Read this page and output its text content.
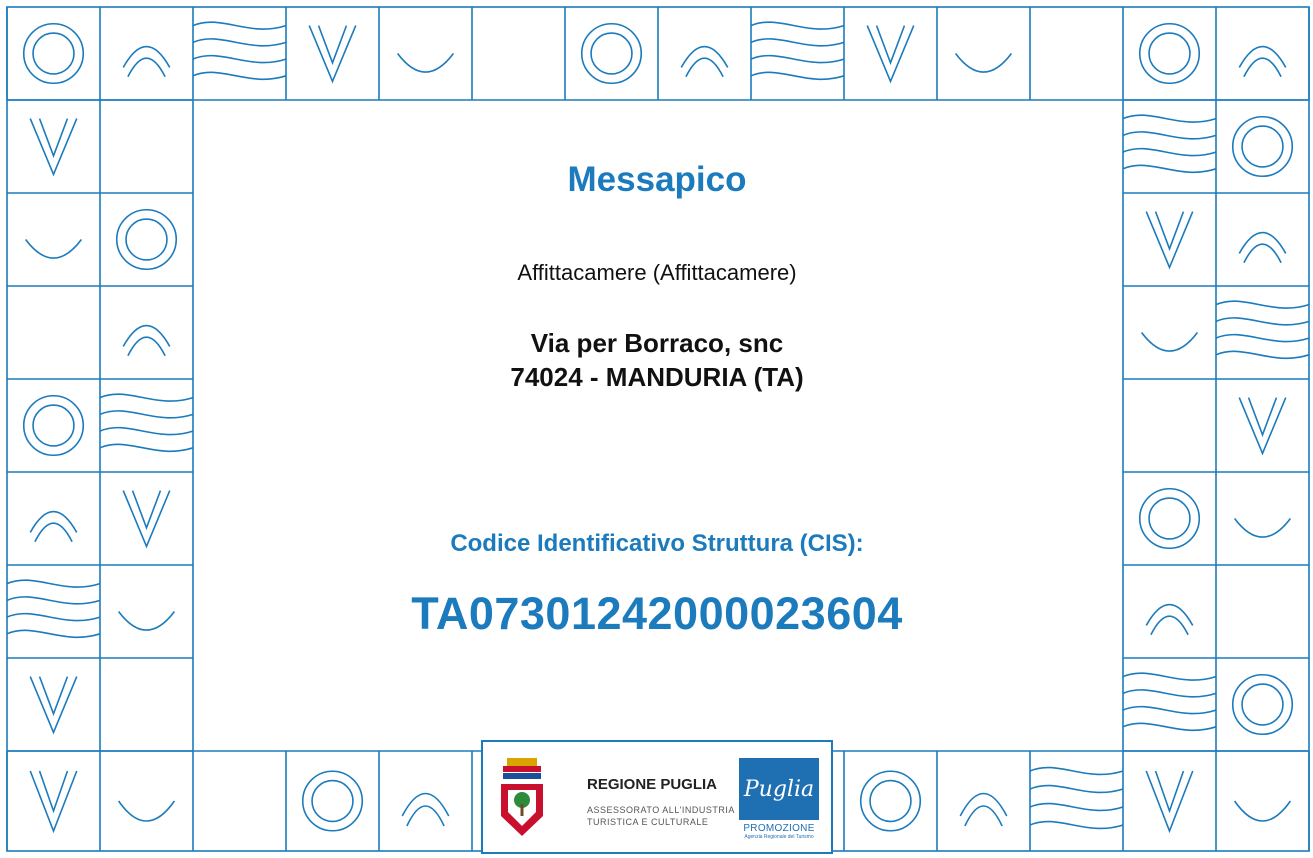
Messapico
Affittacamere (Affittacamere)
Via per Borraco, snc
74024 - MANDURIA (TA)
Codice Identificativo Struttura (CIS):
TA07301242000023604
REGIONE PUGLIA
ASSESSORATO ALL'INDUSTRIA
TURISTICA E CULTURALE
Puglia
PROMOZIONE
Agenzia Regionale del Turismo
